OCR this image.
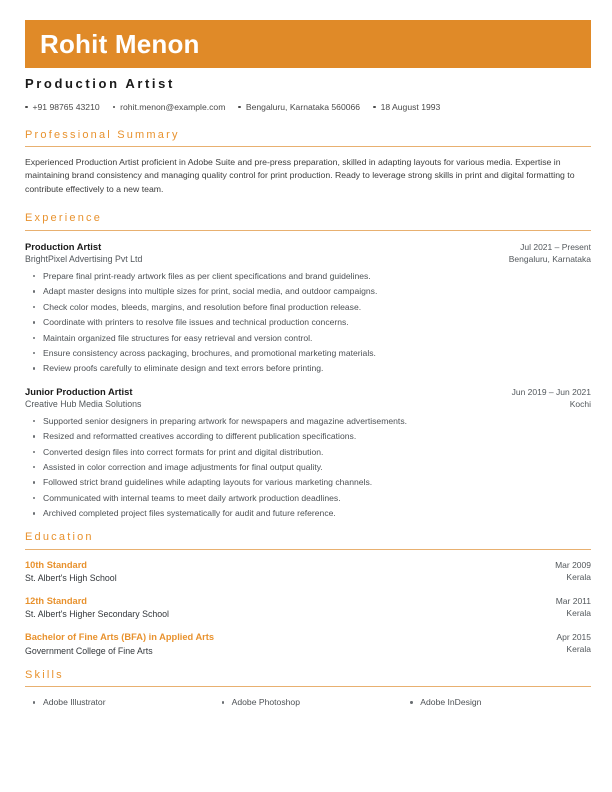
Rohit Menon
Production Artist
+91 98765 43210 rohit.menon@example.com Bengaluru, Karnataka 560066 18 August 1993
Professional Summary

Experienced Production Artist proficient in Adobe Suite and pre-press preparation, skilled in adapting layouts for various media. Expertise in maintaining brand consistency and managing quality control for print production. Ready to leverage strong skills in print and digital formatting to contribute effectively to a new team.

Experience
Production Artist
BrightPixel Advertising Pvt Ltd
Jul 2021 – Present
Bengaluru, Karnataka
Prepare final print-ready artwork files as per client specifications and brand guidelines.
Adapt master designs into multiple sizes for print, social media, and outdoor campaigns.
Check color modes, bleeds, margins, and resolution before final production release.
Coordinate with printers to resolve file issues and technical production concerns.
Maintain organized file structures for easy retrieval and version control.
Ensure consistency across packaging, brochures, and promotional marketing materials.
Review proofs carefully to eliminate design and text errors before printing.
Junior Production Artist
Creative Hub Media Solutions
Jun 2019 – Jun 2021
Kochi
Supported senior designers in preparing artwork for newspapers and magazine advertisements.
Resized and reformatted creatives according to different publication specifications.
Converted design files into correct formats for print and digital distribution.
Assisted in color correction and image adjustments for final output quality.
Followed strict brand guidelines while adapting layouts for various marketing channels.
Communicated with internal teams to meet daily artwork production deadlines.
Archived completed project files systematically for audit and future reference.
Education
10th Standard
St. Albert's High School
Mar 2009
Kerala
12th Standard
St. Albert's Higher Secondary School
Mar 2011
Kerala
Bachelor of Fine Arts (BFA) in Applied Arts
Government College of Fine Arts
Apr 2015
Kerala
Skills
Adobe Illustrator	Adobe Photoshop	Adobe InDesign
